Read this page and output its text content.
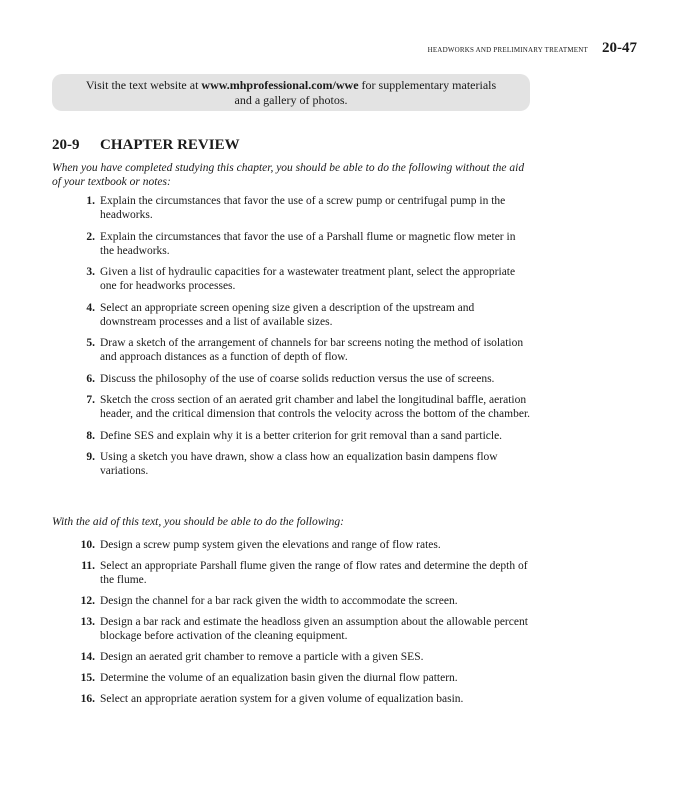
HEADWORKS AND PRELIMINARY TREATMENT 20-47
Visit the text website at www.mhprofessional.com/wwe for supplementary materials
and a gallery of photos.
20-9	CHAPTER REVIEW
When you have completed studying this chapter, you should be able to do the following without the aid of your textbook or notes:
1. Explain the circumstances that favor the use of a screw pump or centrifugal pump in the headworks.
2. Explain the circumstances that favor the use of a Parshall flume or magnetic flow meter in the headworks.
3. Given a list of hydraulic capacities for a wastewater treatment plant, select the appropriate one for headworks processes.
4. Select an appropriate screen opening size given a description of the upstream and downstream processes and a list of available sizes.
5. Draw a sketch of the arrangement of channels for bar screens noting the method of isolation and approach distances as a function of depth of flow.
6. Discuss the philosophy of the use of coarse solids reduction versus the use of screens.
7. Sketch the cross section of an aerated grit chamber and label the longitudinal baffle, aeration header, and the critical dimension that controls the velocity across the bottom of the chamber.
8. Define SES and explain why it is a better criterion for grit removal than a sand particle.
9. Using a sketch you have drawn, show a class how an equalization basin dampens flow variations.
With the aid of this text, you should be able to do the following:
10. Design a screw pump system given the elevations and range of flow rates.
11. Select an appropriate Parshall flume given the range of flow rates and determine the depth of the flume.
12. Design the channel for a bar rack given the width to accommodate the screen.
13. Design a bar rack and estimate the headloss given an assumption about the allowable percent blockage before activation of the cleaning equipment.
14. Design an aerated grit chamber to remove a particle with a given SES.
15. Determine the volume of an equalization basin given the diurnal flow pattern.
16. Select an appropriate aeration system for a given volume of equalization basin.
